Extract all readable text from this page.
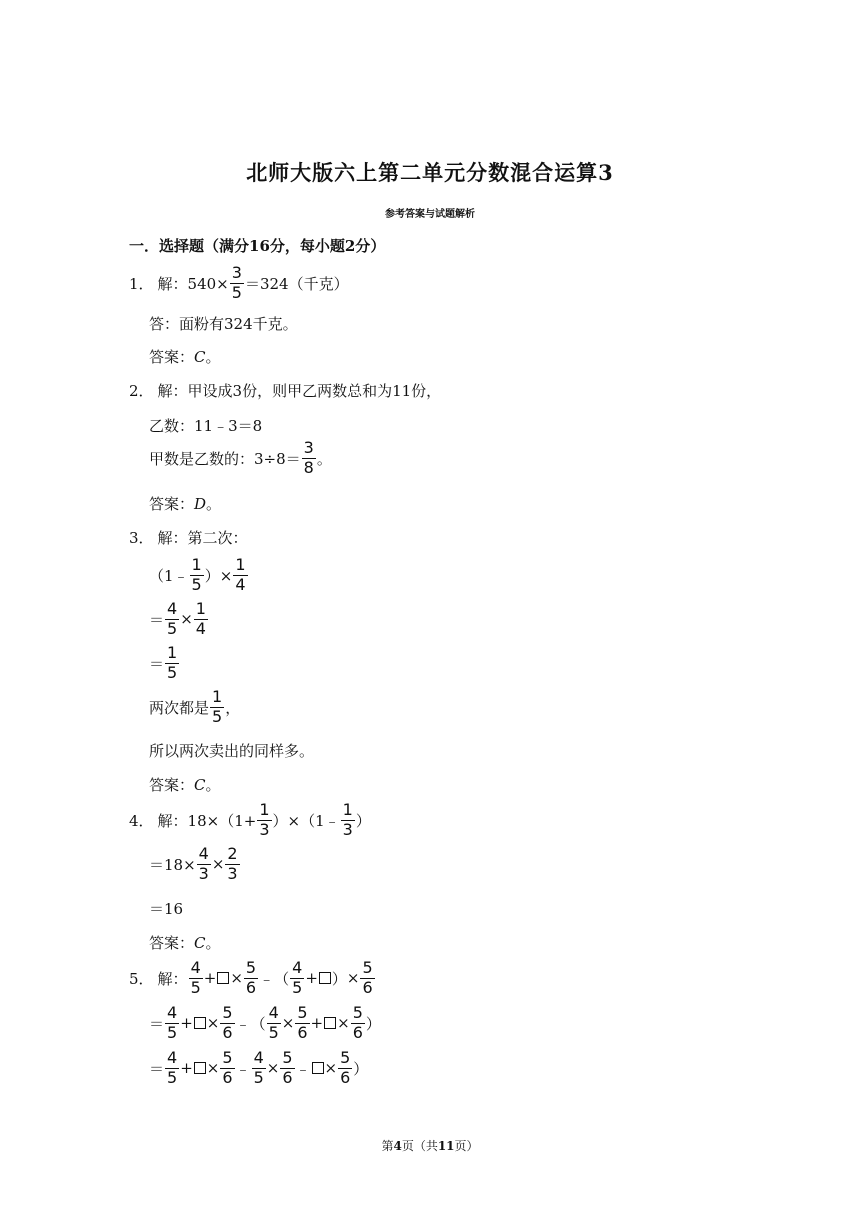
北师大版六上第二单元分数混合运算3
参考答案与试题解析
一．选择题（满分16分，每小题2分）
1． 解：$540\times \frac{3}{5} =324$（千克）
答：面粉有324千克。
答案： C 。
2． 解：甲设成3份，则甲乙两数总和为11份，
乙数：11﹣3＝8
甲数是乙数的：$3\div 8= \frac{3}{8}$ 。
答案： D 。
3． 解：第二次：
（1﹣ $\frac{1}{5}$ ）× $\frac{1}{4}$
＝ $\frac{4}{5} \times \frac{1}{4}$
＝ $\frac{1}{5}$
两次都是 $\frac{1}{5}$ ，
所以两次卖出的同样多。
答案： C 。
4． 解：$18\times(1+ \frac{1}{3}$ ）×（1﹣ $\frac{1}{3}$ ）
$=18\times \frac{4}{3} \times \frac{2}{3}$
＝16
答案： C 。
5． 解： $\frac{4}{5}$ + × $\frac{5}{6}$ ﹣ （ $\frac{4}{5}$ + ） × $\frac{5}{6}$
＝ $\frac{4}{5}$ + × $\frac{5}{6}$ ﹣ （ $\frac{4}{5} \times \frac{5}{6}$ + × $\frac{5}{6}$ ）
＝ $\frac{4}{5}$ + × $\frac{5}{6}$ ﹣ $\frac{4}{5} \times \frac{5}{6}$ ﹣ × $\frac{5}{6}$ ）
第4页（共11页）
